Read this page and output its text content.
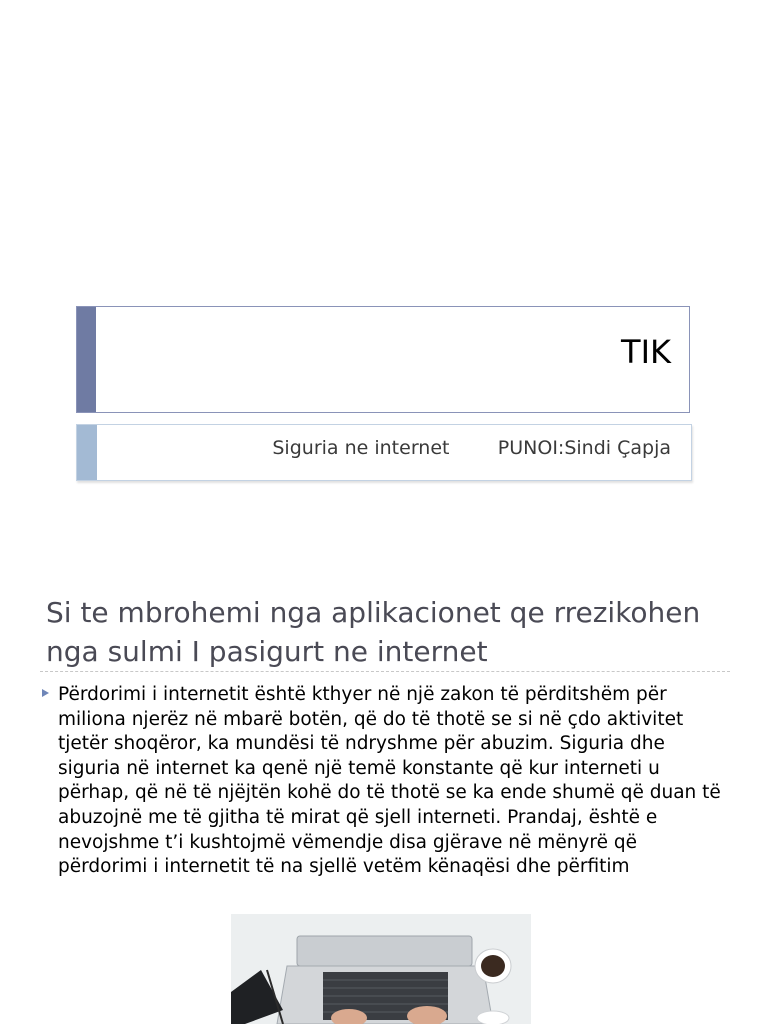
TIK
Siguria ne internet        PUNOI:Sindi Çapja
Si te mbrohemi nga aplikacionet qe rrezikohen nga sulmi I pasigurt ne internet
Përdorimi i internetit është kthyer në një zakon të përditshëm për miliona njerëz në mbarë botën, që do të thotë se si në çdo aktivitet tjetër shoqëror, ka mundësi të ndryshme për abuzim. Siguria dhe siguria në internet ka qenë një temë konstante që kur interneti u përhap, që në të njëjtën kohë do të thotë se ka ende shumë që duan të abuzojnë me të gjitha të mirat që sjell interneti. Prandaj, është e nevojshme t’i kushtojmë vëmendje disa gjërave në mënyrë që përdorimi i internetit të na sjellë vetëm kënaqësi dhe përfitim
